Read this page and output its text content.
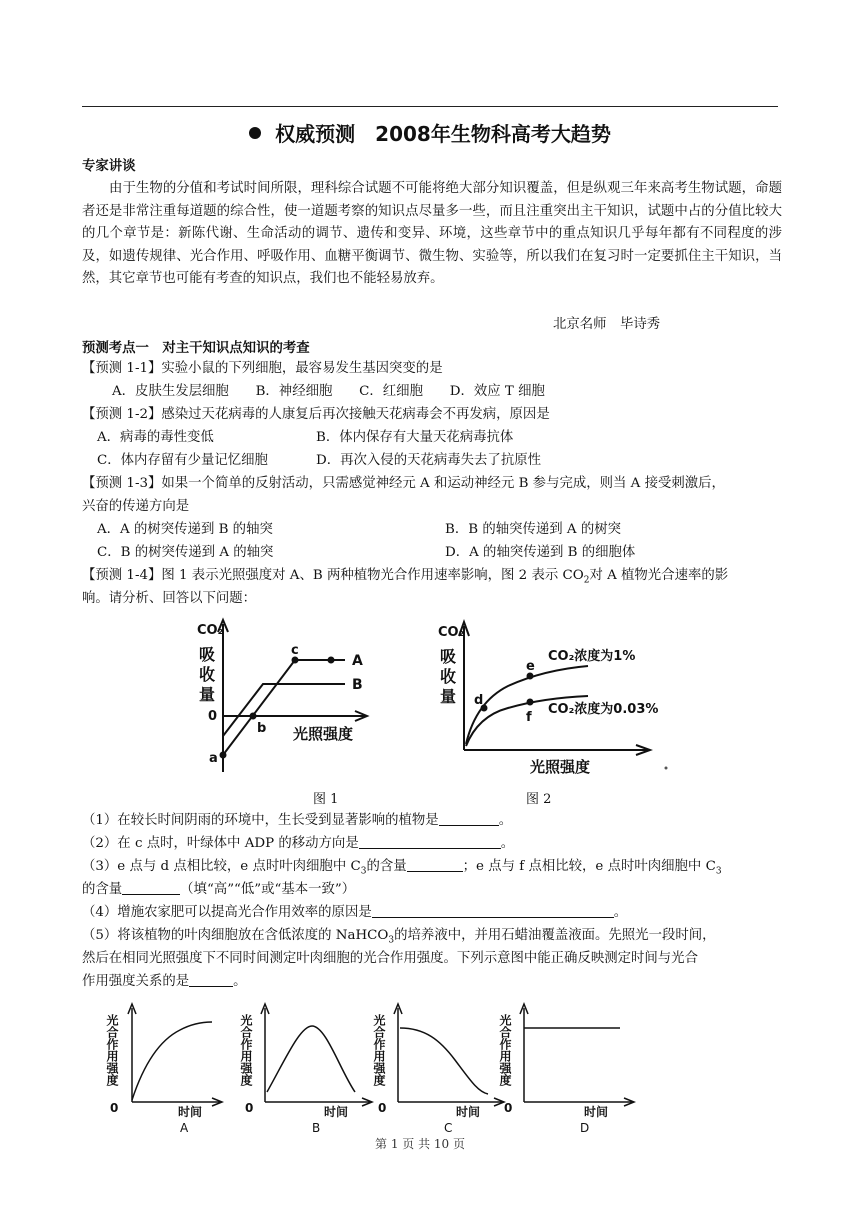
权威预测　2008年生物科高考大趋势
专家讲谈
由于生物的分值和考试时间所限，理科综合试题不可能将绝大部分知识覆盖，但是纵观三年来高考生物试题，命题者还是非常注重每道题的综合性，使一道题考察的知识点尽量多一些，而且注重突出主干知识，试题中占的分值比较大的几个章节是：新陈代谢、生命活动的调节、遗传和变异、环境，这些章节中的重点知识几乎每年都有不同程度的涉及，如遗传规律、光合作用、呼吸作用、血糖平衡调节、微生物、实验等，所以我们在复习时一定要抓住主干知识，当然，其它章节也可能有考查的知识点，我们也不能轻易放弃。
北京名师　毕诗秀
预测考点一　对主干知识点知识的考查
【预测 1-1】实验小鼠的下列细胞，最容易发生基因突变的是
A．皮肤生发层细胞　　B．神经细胞　　C．红细胞　　D．效应 T 细胞
【预测 1-2】感染过天花病毒的人康复后再次接触天花病毒会不再发病，原因是
A．病毒的毒性变低	B．体内保存有大量天花病毒抗体
C．体内存留有少量记忆细胞	D．再次入侵的天花病毒失去了抗原性
【预测 1-3】如果一个简单的反射活动，只需感觉神经元 A 和运动神经元 B 参与完成，则当 A 接受刺激后，
兴奋的传递方向是
A．A 的树突传递到 B 的轴突	B．B 的轴突传递到 A 的树突
C．B 的树突传递到 A 的轴突	D．A 的轴突传递到 B 的细胞体
【预测 1-4】图 1 表示光照强度对 A、B 两种植物光合作用速率影响，图 2 表示 $CO_2$对 A 植物光合速率的影
响。请分析、回答以下问题：
CO₂
吸
收
量
0
a
b
c
A
B
光照强度
CO₂
吸
收
量 d
e
f
CO₂浓度为1%
CO₂浓度为0.03%
光照强度
图 1	图 2
（1）在较长时间阴雨的环境中，生长受到显著影响的植物是	。
（2）在 c 点时，叶绿体中 ADP 的移动方向是	。
（3）e 点与 d 点相比较，e 点时叶肉细胞中 $C_3$的含量	；e 点与 f 点相比较，e 点时叶肉细胞中 $C_3$
的含量	（填“高”“低”或“基本一致”）
（4）增施农家肥可以提高光合作用效率的原因是	。
（5）将该植物的叶肉细胞放在含低浓度的 NaHCO$_3$的培养液中，并用石蜡油覆盖液面。先照光一段时间，
然后在相同光照强度下不同时间测定叶肉细胞的光合作用强度。下列示意图中能正确反映测定时间与光合
作用强度关系的是	。
0	0	0	0
时间	时间	时间	时间
光合作用强度	光合作用强度	光合作用强度	光合作用强度
A	B	C	D
第 1 页 共 10 页
